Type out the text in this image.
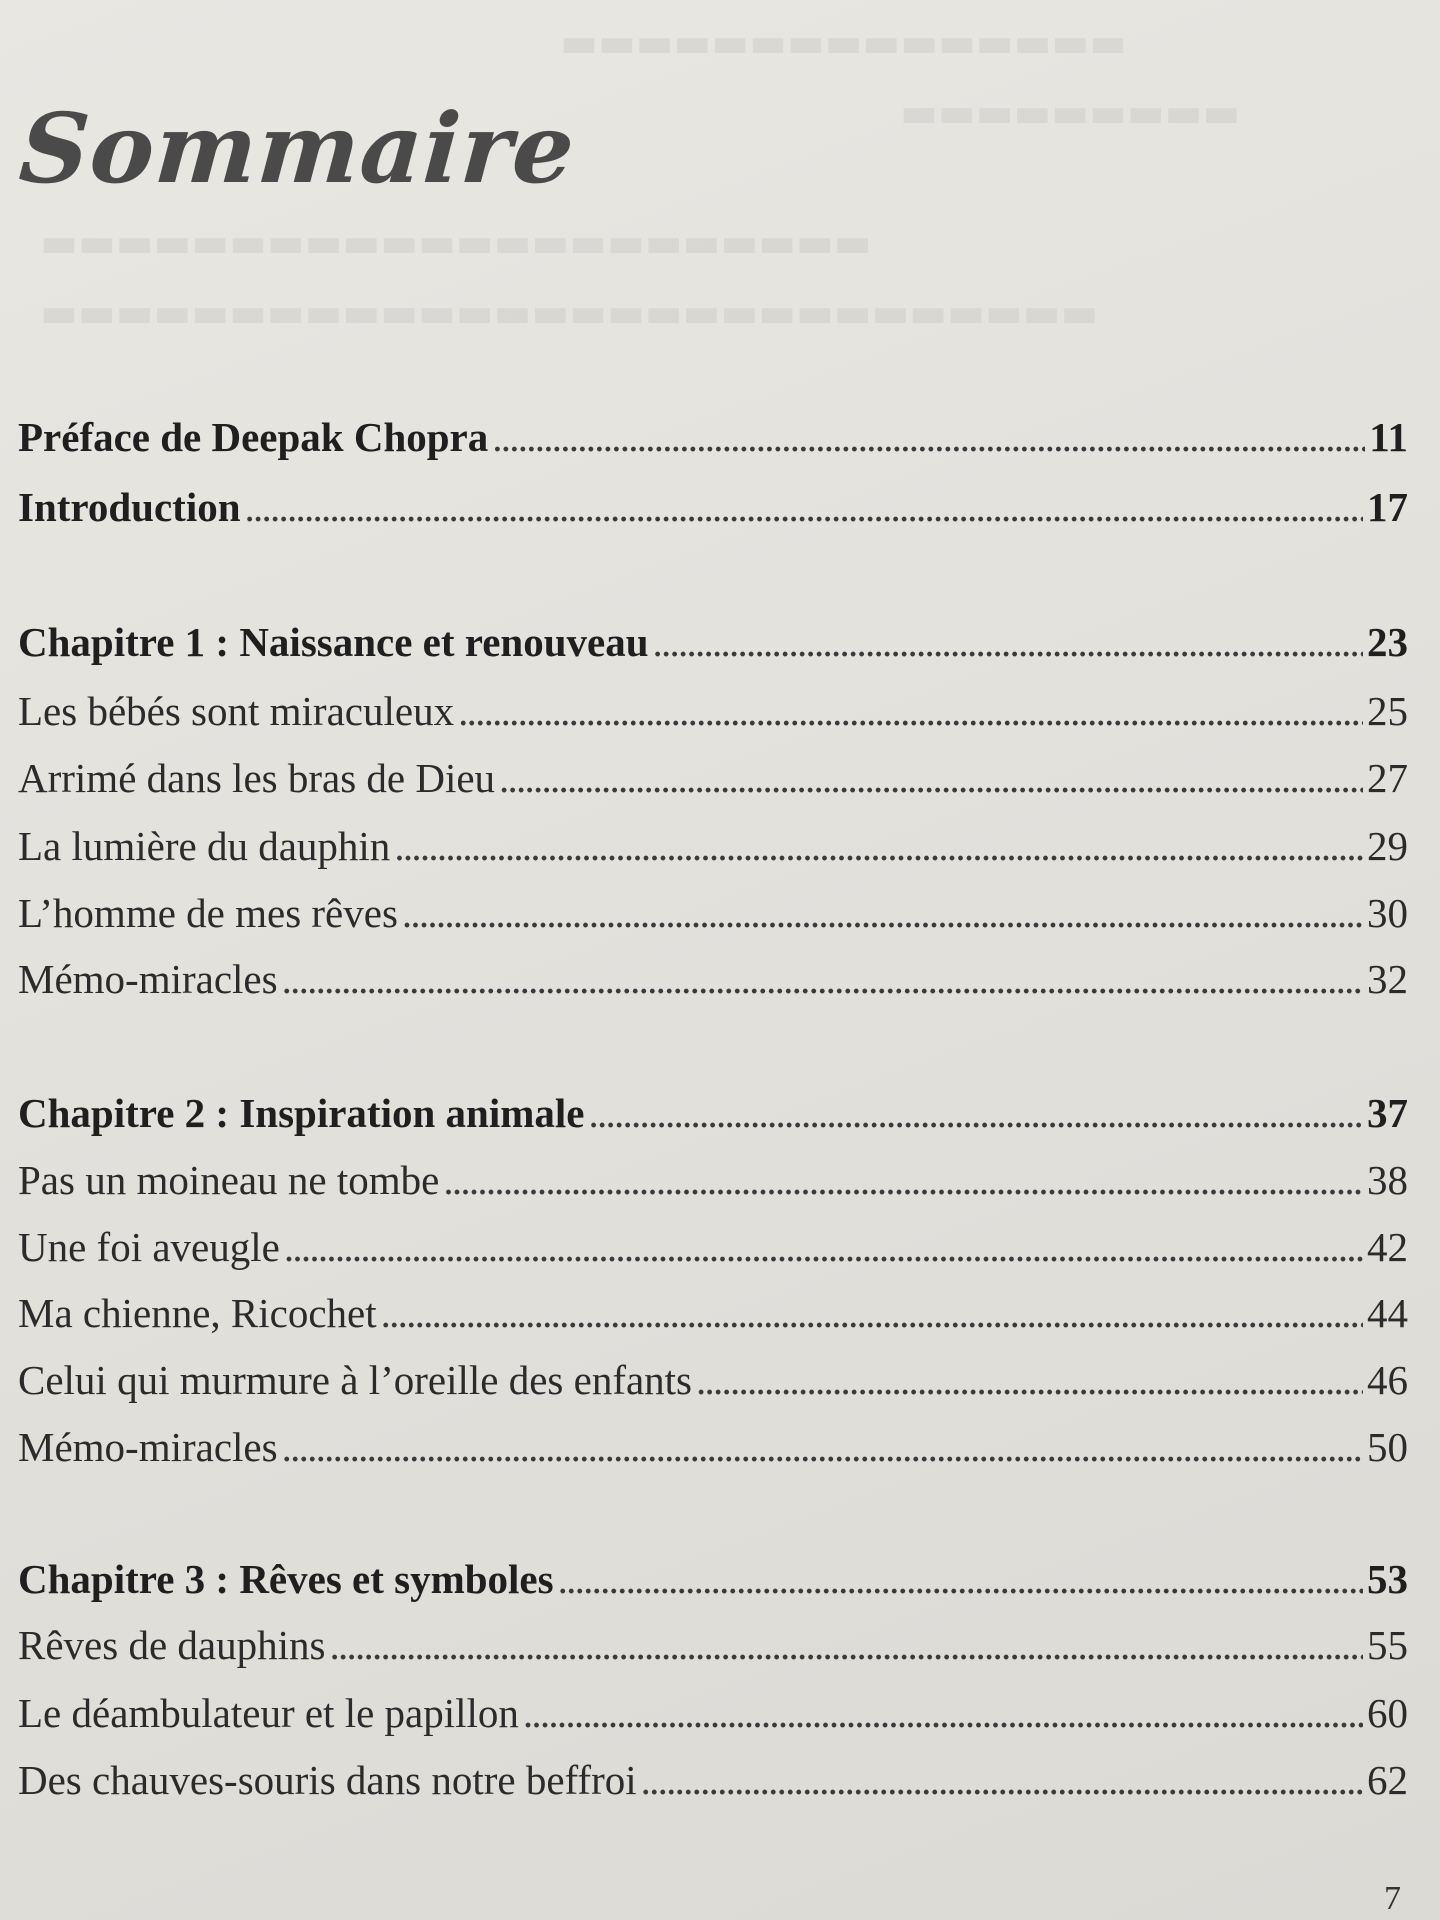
▬▬▬▬▬▬▬▬▬▬▬▬▬▬▬
▬▬▬▬▬▬▬▬▬
▬▬▬▬▬▬▬▬▬▬▬▬▬▬▬▬▬▬▬▬▬▬
▬▬▬▬▬▬▬▬▬▬▬▬▬▬▬▬▬▬▬▬▬▬▬▬▬▬▬▬
Sommaire
Préface de Deepak Chopra . . .	11
Introduction . . .	17
Chapitre 1 : Naissance et renouveau . . .	23
Les bébés sont miraculeux . . .	25
Arrimé dans les bras de Dieu . . .	27
La lumière du dauphin . . .	29
L’homme de mes rêves . . .	30
Mémo-miracles . . .	32
Chapitre 2 : Inspiration animale . . .	37
Pas un moineau ne tombe . . .	38
Une foi aveugle . . .	42
Ma chienne, Ricochet . . .	44
Celui qui murmure à l’oreille des enfants . . .	46
Mémo-miracles . . .	50
Chapitre 3 : Rêves et symboles . . .	53
Rêves de dauphins . . .	55
Le déambulateur et le papillon . . .	60
Des chauves-souris dans notre beffroi . . .	62
7
